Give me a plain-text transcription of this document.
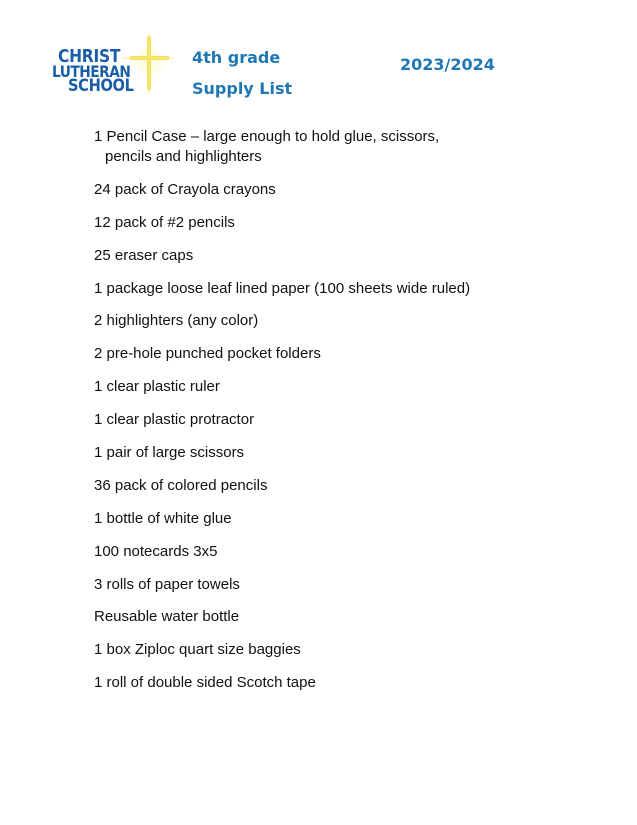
CHRIST
LUTHERAN
SCHOOL
4th grade
Supply List
2023/2024
1 Pencil Case – large enough to hold glue, scissors,
pencils and highlighters
24 pack of Crayola crayons
12 pack of #2 pencils
25 eraser caps
1 package loose leaf lined paper (100 sheets wide ruled)
2 highlighters (any color)
2 pre-hole punched pocket folders
1 clear plastic ruler
1 clear plastic protractor
1 pair of large scissors
36 pack of colored pencils
1 bottle of white glue
100 notecards 3x5
3 rolls of paper towels
Reusable water bottle
1 box Ziploc quart size baggies
1 roll of double sided Scotch tape
